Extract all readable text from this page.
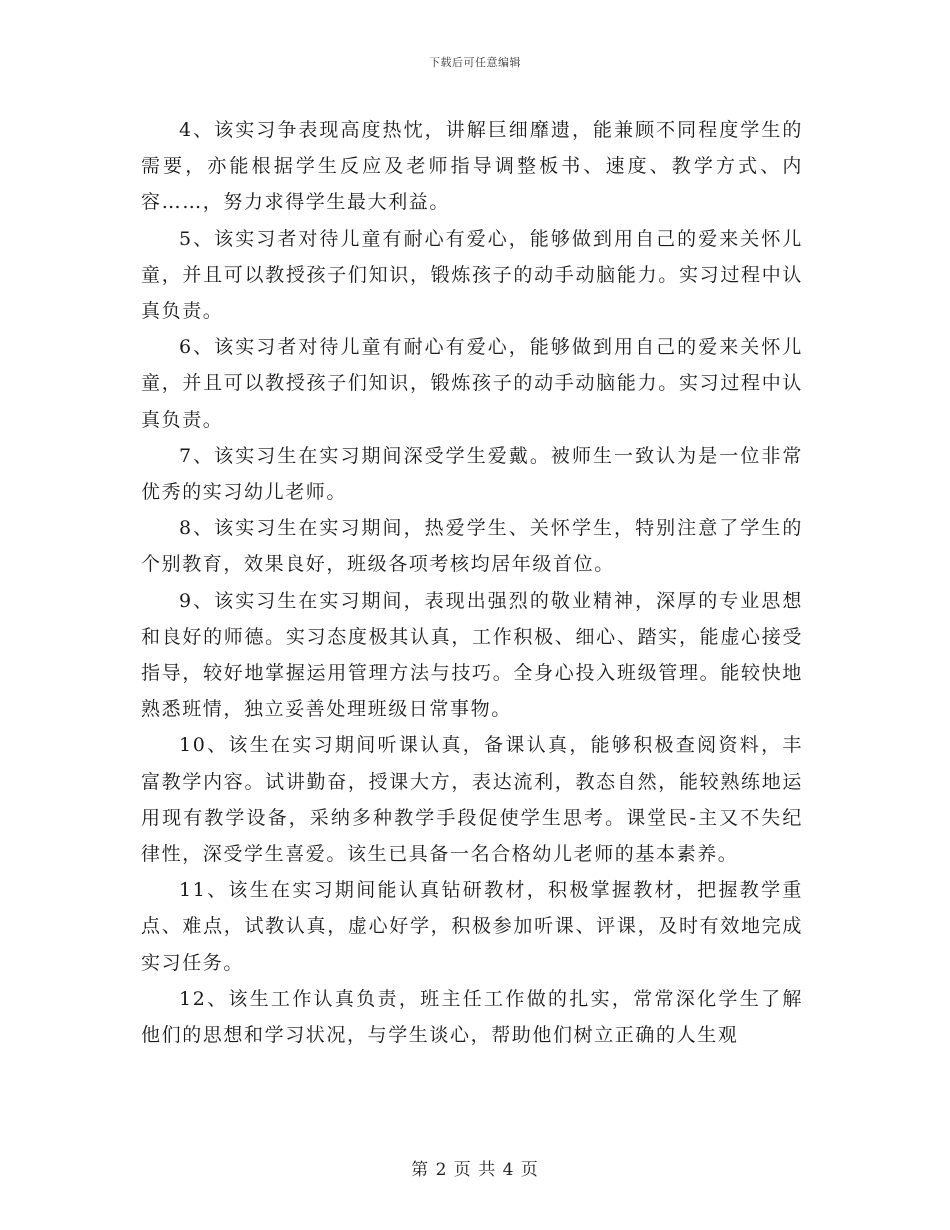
下载后可任意编辑

4、该实习争表现高度热忱，讲解巨细靡遗，能兼顾不同程度学生的需要，亦能根据学生反应及老师指导调整板书、速度、教学方式、内容……，努力求得学生最大利益。

5、该实习者对待儿童有耐心有爱心，能够做到用自己的爱来关怀儿童，并且可以教授孩子们知识，锻炼孩子的动手动脑能力。实习过程中认真负责。

6、该实习者对待儿童有耐心有爱心，能够做到用自己的爱来关怀儿童，并且可以教授孩子们知识，锻炼孩子的动手动脑能力。实习过程中认真负责。

7、该实习生在实习期间深受学生爱戴。被师生一致认为是一位非常优秀的实习幼儿老师。

8、该实习生在实习期间，热爱学生、关怀学生，特别注意了学生的个别教育，效果良好，班级各项考核均居年级首位。

9、该实习生在实习期间，表现出强烈的敬业精神，深厚的专业思想和良好的师德。实习态度极其认真，工作积极、细心、踏实，能虚心接受指导，较好地掌握运用管理方法与技巧。全身心投入班级管理。能较快地熟悉班情，独立妥善处理班级日常事物。

10、该生在实习期间听课认真，备课认真，能够积极查阅资料，丰富教学内容。试讲勤奋，授课大方，表达流利，教态自然，能较熟练地运用现有教学设备，采纳多种教学手段促使学生思考。课堂民-主又不失纪律性，深受学生喜爱。该生已具备一名合格幼儿老师的基本素养。

11、该生在实习期间能认真钻研教材，积极掌握教材，把握教学重点、难点，试教认真，虚心好学，积极参加听课、评课，及时有效地完成实习任务。

12、该生工作认真负责，班主任工作做的扎实，常常深化学生了解他们的思想和学习状况，与学生谈心，帮助他们树立正确的人生观

第 2 页 共 4 页
